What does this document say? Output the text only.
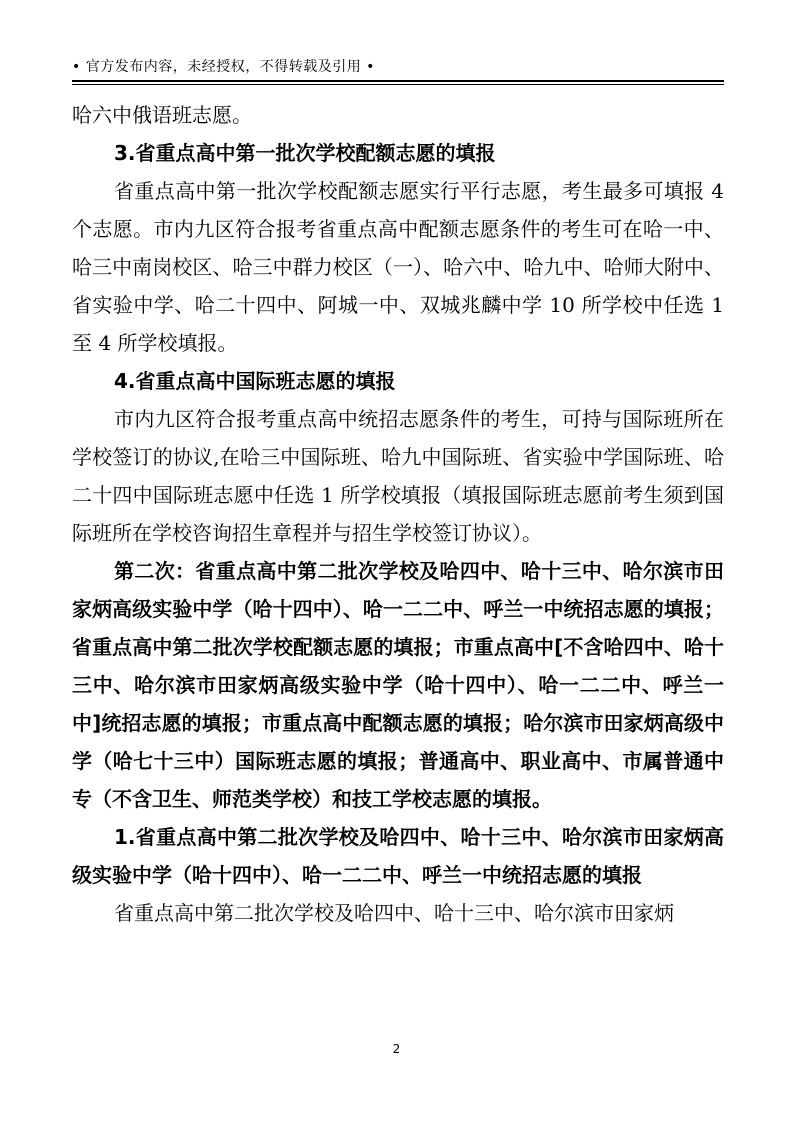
• 官方发布内容，未经授权，不得转载及引用 •

哈六中俄语班志愿。

3.省重点高中第一批次学校配额志愿的填报

省重点高中第一批次学校配额志愿实行平行志愿，考生最多可填报 4 个志愿。市内九区符合报考省重点高中配额志愿条件的考生可在哈一中、哈三中南岗校区、哈三中群力校区（一）、哈六中、哈九中、哈师大附中、省实验中学、哈二十四中、阿城一中、双城兆麟中学 10 所学校中任选 1 至 4 所学校填报。

4.省重点高中国际班志愿的填报

市内九区符合报考重点高中统招志愿条件的考生，可持与国际班所在学校签订的协议,在哈三中国际班、哈九中国际班、省实验中学国际班、哈二十四中国际班志愿中任选 1 所学校填报（填报国际班志愿前考生须到国际班所在学校咨询招生章程并与招生学校签订协议）。

第二次：省重点高中第二批次学校及哈四中、哈十三中、哈尔滨市田家炳高级实验中学（哈十四中）、哈一二二中、呼兰一中统招志愿的填报；省重点高中第二批次学校配额志愿的填报；市重点高中[不含哈四中、哈十三中、哈尔滨市田家炳高级实验中学（哈十四中）、哈一二二中、呼兰一中]统招志愿的填报；市重点高中配额志愿的填报；哈尔滨市田家炳高级中学（哈七十三中）国际班志愿的填报；普通高中、职业高中、市属普通中专（不含卫生、师范类学校）和技工学校志愿的填报。

1.省重点高中第二批次学校及哈四中、哈十三中、哈尔滨市田家炳高级实验中学（哈十四中）、哈一二二中、呼兰一中统招志愿的填报

省重点高中第二批次学校及哈四中、哈十三中、哈尔滨市田家炳

2
